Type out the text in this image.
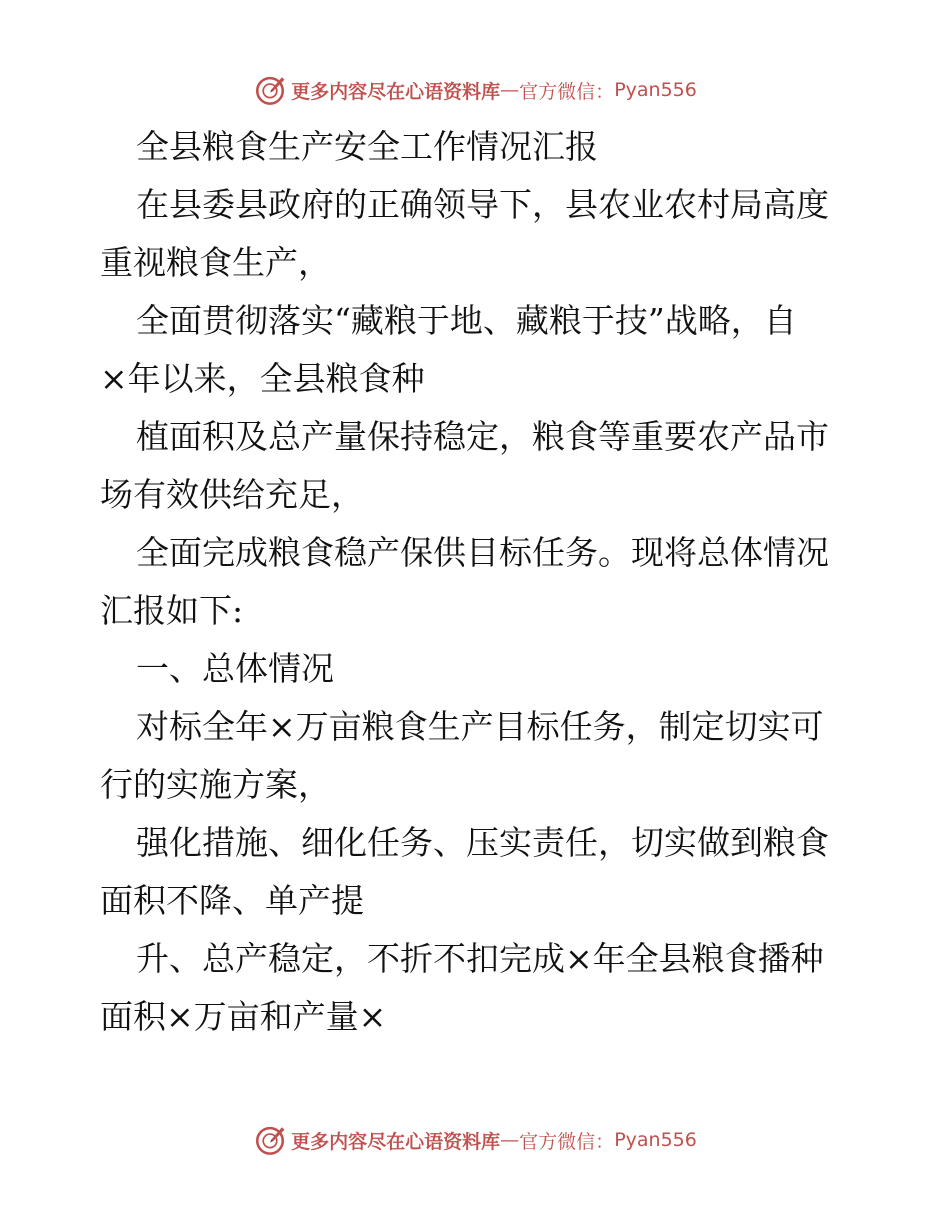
更多内容尽在心语资料库 — 官方微信： Pyan556
全县粮食生产安全工作情况汇报
在县委县政府的正确领导下，县农业农村局高度
重视粮食生产，
全面贯彻落实“藏粮于地、藏粮于技”战略，自
×年以来，全县粮食种
植面积及总产量保持稳定，粮食等重要农产品市
场有效供给充足，
全面完成粮食稳产保供目标任务。现将总体情况
汇报如下:
一、总体情况
对标全年×万亩粮食生产目标任务，制定切实可
行的实施方案，
强化措施、细化任务、压实责任，切实做到粮食
面积不降、单产提
升、总产稳定，不折不扣完成×年全县粮食播种
面积×万亩和产量×
更多内容尽在心语资料库 — 官方微信： Pyan556
